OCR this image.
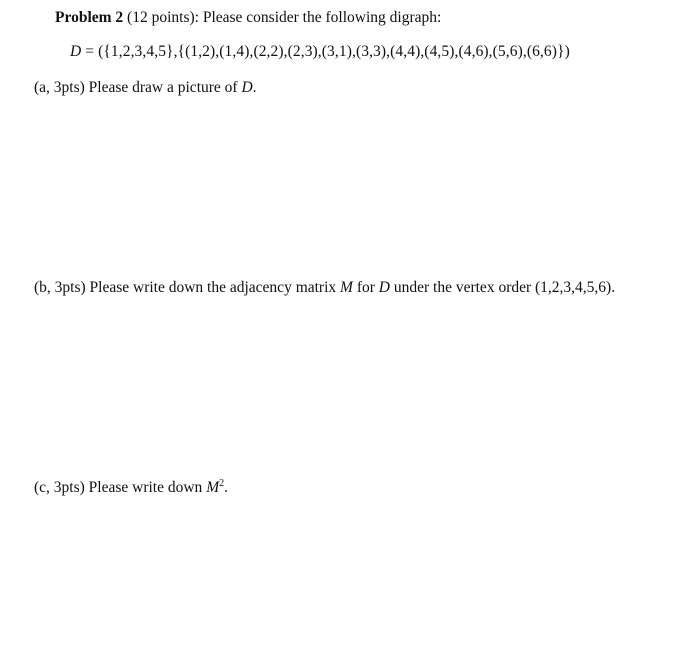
Problem 2 (12 points): Please consider the following digraph:
D = ({1,2,3,4,5},{(1,2),(1,4),(2,2),(2,3),(3,1),(3,3),(4,4),(4,5),(4,6),(5,6),(6,6)})
(a, 3pts) Please draw a picture of D.
(b, 3pts) Please write down the adjacency matrix M for D under the vertex order (1,2,3,4,5,6).
(c, 3pts) Please write down $M^2$.
